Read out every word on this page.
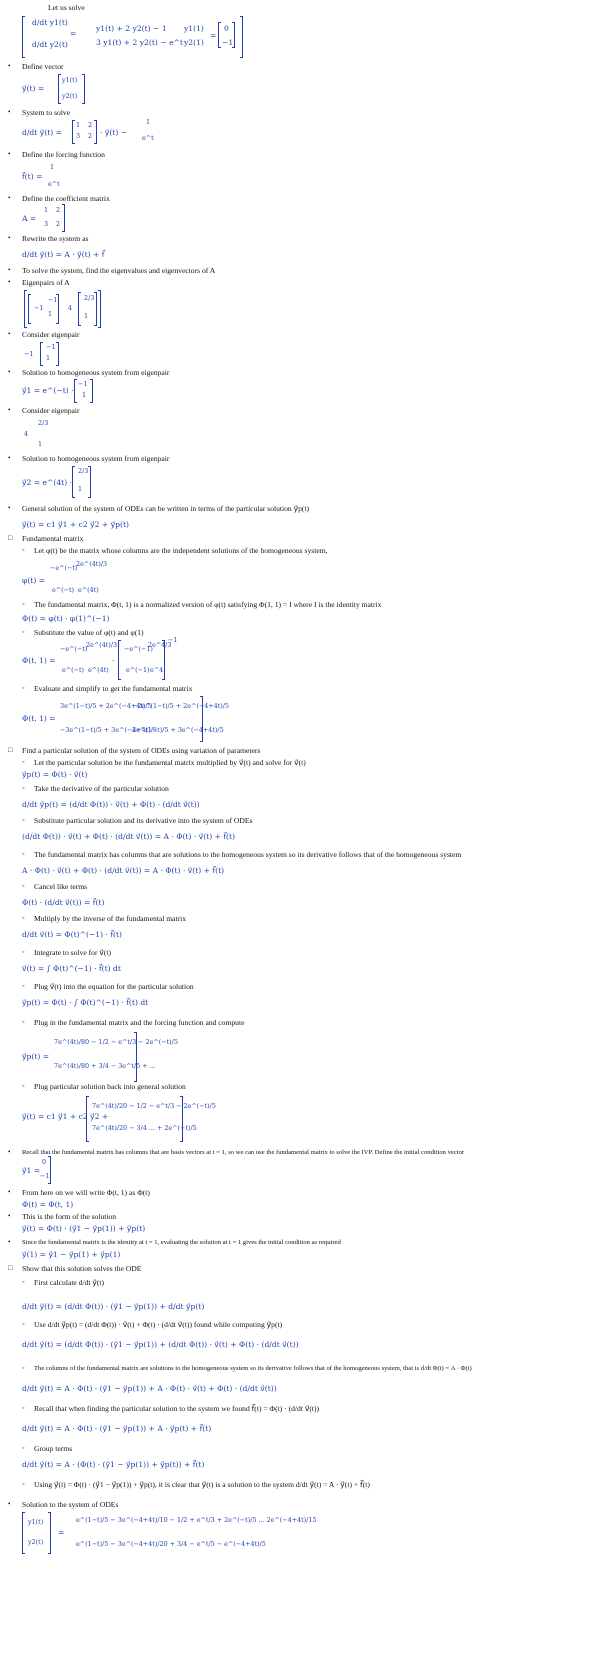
Let us solve
d/dt y1(t)
d/dt y2(t)
=
y1(t) + 2 y2(t) − 1
3 y1(t) + 2 y2(t) − e^t
y1(1)
y2(1)
=
0
−1
• Define vector
y⃗(t) =
y1(t)
y2(t)
• System to solve
d/dt y⃗(t) =
1 2
3 2 · y⃗(t) −
1
e^t
• Define the forcing function
f⃗(t) =
1
e^t
• Define the coefficient matrix
A =
1 2
3 2
• Rewrite the system as
d/dt y⃗(t) = A · y⃗(t) + f⃗
• To solve the system, find the eigenvalues and eigenvectors of A
• Eigenpairs of A
−1
−1
1
4
2/3
1
• Consider eigenpair
−1
−1
1
• Solution to homogeneous system from eigenpair
y⃗1 = e^(−t) ·
−1
1
• Consider eigenpair
4
2/3
1
• Solution to homogeneous system from eigenpair
y⃗2 = e^(4t) ·
2/3
1
• General solution of the system of ODEs can be written in terms of the particular solution y⃗p(t)
y⃗(t) = c1 y⃗1 + c2 y⃗2 + y⃗p(t)
□ Fundamental matrix
◦ Let φ(t) be the matrix whose columns are the independent solutions of the homogeneous system,
φ(t) =
−e^(−t)
2e^(4t)/3
e^(−t) e^(4t)
◦ The fundamental matrix, Φ(t, 1) is a normalized version of φ(t) satisfying Φ(1, 1) = I where I is the identity matrix
Φ(t) = φ(t) · φ(1)^(−1)
◦ Substitute the value of φ(t) and φ(1)
Φ(t, 1) =
−e^(−t)
2e^(4t)/3
e^(−t) e^(4t)
·
−e^(−1)
2e^4/3
e^(−1) e^4
−1
◦ Evaluate and simplify to get the fundamental matrix
Φ(t, 1) =
3e^(1−t)/5 + 2e^(−4+4t)/5
−2e^(1−t)/5 + 2e^(−4+4t)/5
−3e^(1−t)/5 + 3e^(−4+4t)/5
2e^(1−t)/5 + 3e^(−4+4t)/5
□ Find a particular solution of the system of ODEs using variation of parameters
◦ Let the particular solution be the fundamental matrix multiplied by v⃗(t) and solve for v⃗(t)
y⃗p(t) = Φ(t) · v⃗(t)
◦ Take the derivative of the particular solution
d/dt y⃗p(t) = (d/dt Φ(t)) · v⃗(t) + Φ(t) · (d/dt v⃗(t))
◦ Substitute particular solution and its derivative into the system of ODEs
(d/dt Φ(t)) · v⃗(t) + Φ(t) · (d/dt v⃗(t)) = A · Φ(t) · v⃗(t) + f⃗(t)
◦ The fundamental matrix has columns that are solutions to the homogeneous system so its derivative follows that of the homogeneous system
A · Φ(t) · v⃗(t) + Φ(t) · (d/dt v⃗(t)) = A · Φ(t) · v⃗(t) + f⃗(t)
◦ Cancel like terms
Φ(t) · (d/dt v⃗(t)) = f⃗(t)
◦ Multiply by the inverse of the fundamental matrix
d/dt v⃗(t) = Φ(t)^(−1) · f⃗(t)
◦ Integrate to solve for v⃗(t)
v⃗(t) = ∫ Φ(t)^(−1) · f⃗(t) dt
◦ Plug v⃗(t) into the equation for the particular solution
y⃗p(t) = Φ(t) · ∫ Φ(t)^(−1) · f⃗(t) dt
◦ Plug in the fundamental matrix and the forcing function and compute
y⃗p(t) =
7e^(4t)/80 − 1/2 − e^t/3 − 2e^(−t)/5
7e^(4t)/80 + 3/4 − 3e^t/5 + ...
◦ Plug particular solution back into general solution
y⃗(t) = c1 y⃗1 + c2 y⃗2 +
7e^(4t)/20 − 1/2 − e^t/3 − 2e^(−t)/5
7e^(4t)/20 − 3/4 ... + 2e^(−t)/5
• Recall that the fundamental matrix has columns that are basis vectors at t = 1, so we can use the fundamental matrix to solve the IVP. Define the initial condition vector
y⃗1 =
0
−1
• From here on we will write Φ(t, 1) as Φ(t)
Φ(t) = Φ(t, 1)
• This is the form of the solution
y⃗(t) = Φ(t) · (y⃗1 − y⃗p(1)) + y⃗p(t)
• Since the fundamental matrix is the identity at t = 1, evaluating the solution at t = 1 gives the initial condition as required
y⃗(1) = y⃗1 − y⃗p(1) + y⃗p(1)
□ Show that this solution solves the ODE
◦ First calculate d/dt y⃗(t)
d/dt y⃗(t) = (d/dt Φ(t)) · (y⃗1 − y⃗p(1)) + d/dt y⃗p(t)
◦ Use d/dt y⃗p(t) = (d/dt Φ(t)) · v⃗(t) + Φ(t) · (d/dt v⃗(t)) found while computing y⃗p(t)
d/dt y⃗(t) = (d/dt Φ(t)) · (y⃗1 − y⃗p(1)) + (d/dt Φ(t)) · v⃗(t) + Φ(t) · (d/dt v⃗(t))
◦ The columns of the fundamental matrix are solutions to the homogeneous system so its derivative follows that of the homogeneous system, that is d/dt Φ(t) = A · Φ(t)
d/dt y⃗(t) = A · Φ(t) · (y⃗1 − y⃗p(1)) + A · Φ(t) · v⃗(t) + Φ(t) · (d/dt v⃗(t))
◦ Recall that when finding the particular solution to the system we found f⃗(t) = Φ(t) · (d/dt v⃗(t))
d/dt y⃗(t) = A · Φ(t) · (y⃗1 − y⃗p(1)) + A · y⃗p(t) + f⃗(t)
◦ Group terms
d/dt y⃗(t) = A · (Φ(t) · (y⃗1 − y⃗p(1)) + y⃗p(t)) + f⃗(t)
◦ Using y⃗(t) = Φ(t) · (y⃗1 − y⃗p(1)) + y⃗p(t), it is clear that y⃗(t) is a solution to the system d/dt y⃗(t) = A · y⃗(t) + f⃗(t)
• Solution to the system of ODEs
y1(t)
y2(t)
=
e^(1−t)/5 − 3e^(−4+4t)/10 − 1/2 + e^t/3 + 2e^(−t)/5 ... 2e^(−4+4t)/15
e^(1−t)/5 − 3e^(−4+4t)/20 + 3/4 − e^t/5 − e^(−4+4t)/5
